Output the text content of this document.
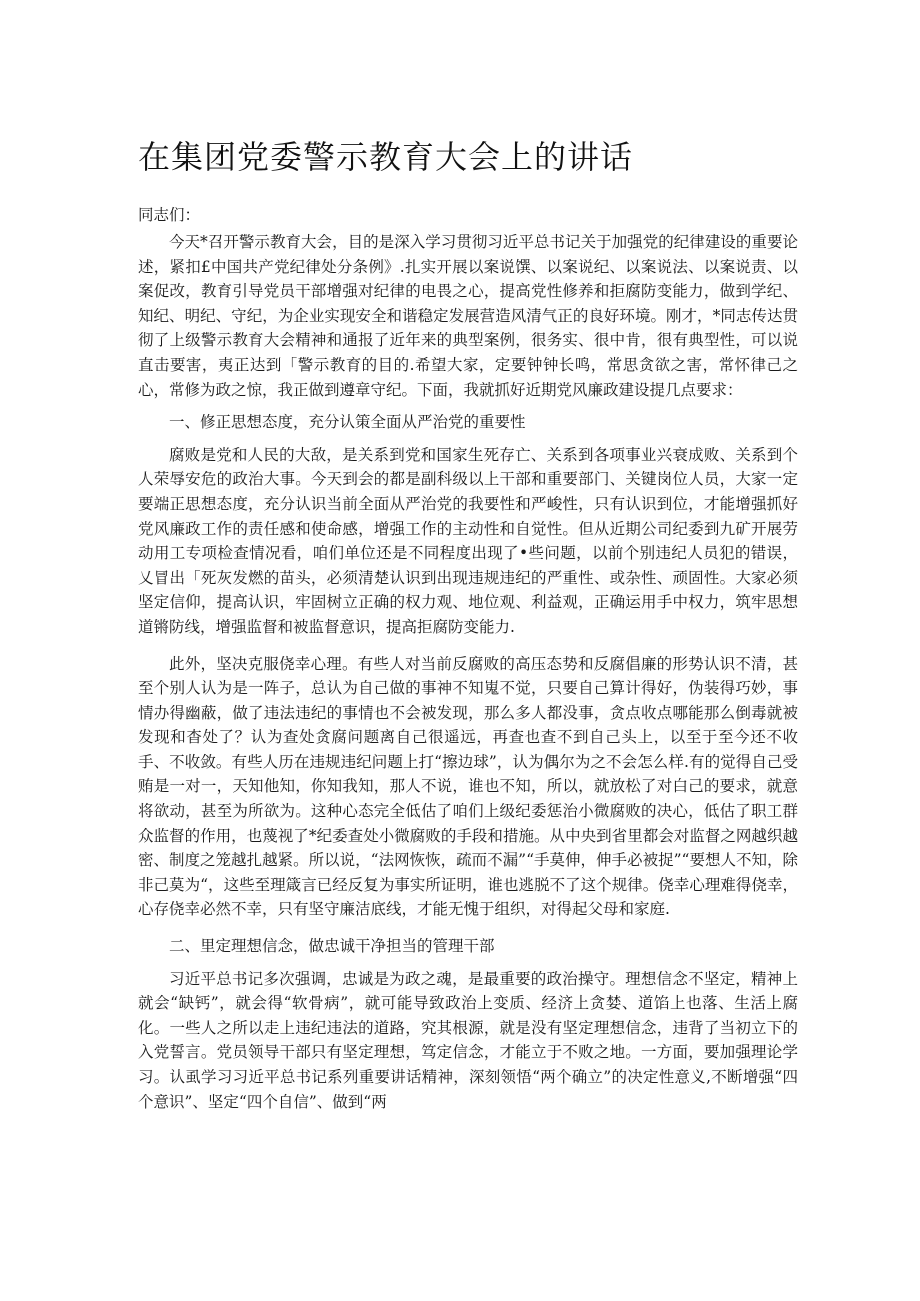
在集团党委警示教育大会上的讲话

同志们：

今天*召开警示教育大会，目的是深入学习贯彻习近平总书记关于加强党的纪律建设的重要论述，紧扣£中国共产党纪律处分条例》.扎实开展以案说馔、以案说纪、以案说法、以案说责、以案促改，教育引导党员干部增强对纪律的电畏之心，提高党性修养和拒腐防变能力，做到学纪、知纪、明纪、守纪，为企业实现安全和谐稳定发展营造风清气正的良好环境。刚才，*同志传达贯彻了上级警示教育大会精神和通报了近年来的典型案例，很务实、很中肯，很有典型性，可以说直击要害，夷正达到「警示教育的目的.希望大家，定要钟钟长鸣，常思贪欲之害，常怀律己之心，常修为政之惊，我正做到遵章守纪。下面，我就抓好近期党风廉政建设提几点要求：

一、修正思想态度，充分认策全面从严治党的重要性

腐败是党和人民的大敌，是关系到党和国家生死存亡、关系到各项事业兴衰成败、关系到个人荣辱安危的政治大事。今天到会的都是副科级以上干部和重要部门、关键岗位人员，大家一定要端正思想态度，充分认识当前全面从严治党的我要性和严峻性，只有认识到位，才能增强抓好党风廉政工作的责任感和使命感，增强工作的主动性和自觉性。但从近期公司纪委到九矿开展劳动用工专项检查情况看，咱们单位还是不同程度出现了•些问题，以前个别违纪人员犯的错误，乂冒出「死灰发燃的苗头，必须清楚认识到出现违规违纪的严重性、或杂性、顽固性。大家必须坚定信仰，提高认识，牢固树立正确的权力观、地位观、利益观，正确运用手中权力，筑牢思想道锵防线，增强监督和被监督意识，提高拒腐防变能力.

此外，坚决克服侥幸心理。有些人对当前反腐败的高压态势和反腐倡廉的形势认识不清，甚至个别人认为是一阵子，总认为自己做的事神不知嵬不觉，只要自己算计得好，伪装得巧妙，事情办得幽蔽，做了违法违纪的事情也不会被发现，那么多人都没事，贪点收点哪能那么倒毒就被发现和杳处了？认为查处贪腐问题离自己很遥远，再查也查不到自己头上，以至于至今还不收手、不收敛。有些人历在违规违纪问题上打“擦边球”，认为偶尔为之不会怎么样.有的觉得自己受贿是一对一，天知他知，你知我知，那人不说，谁也不知，所以，就放松了对白己的要求，就意将欲动，甚至为所欲为。这种心态完全低估了咱们上级纪委惩治小微腐败的决心，低估了职工群众监督的作用，也蔑视了*纪委查处小微腐败的手段和措施。从中央到省里都会对监督之网越织越密、制度之笼越扎越紧。所以说，“法网恢恢，疏而不漏”“手莫伸，伸手必被捉”“要想人不知，除非己莫为“，这些至理箴言已经反复为事实所证明，谁也逃脱不了这个规律。侥幸心理难得侥幸，心存侥幸必然不幸，只有坚守廉洁底线，才能无愧于组织，对得起父母和家庭.

二、里定理想信念，做忠诚干净担当的管理干部

习近平总书记多次强调，忠诚是为政之魂，是最重要的政治操守。理想信念不坚定，精神上就会“缺钙”，就会得“软骨病”，就可能导致政治上变质、经济上贪婪、道馅上也落、生活上腐化。一些人之所以走上违纪违法的道路，究其根源，就是没有坚定理想信念，违背了当初立下的入党誓言。党员领导干部只有坚定理想，笃定信念，才能立于不败之地。一方面，要加强理论学习。认虱学习习近平总书记系列重要讲话精神，深刻领悟“两个确立”的决定性意义,不断增强“四个意识”、坚定“四个自信”、做到“两
